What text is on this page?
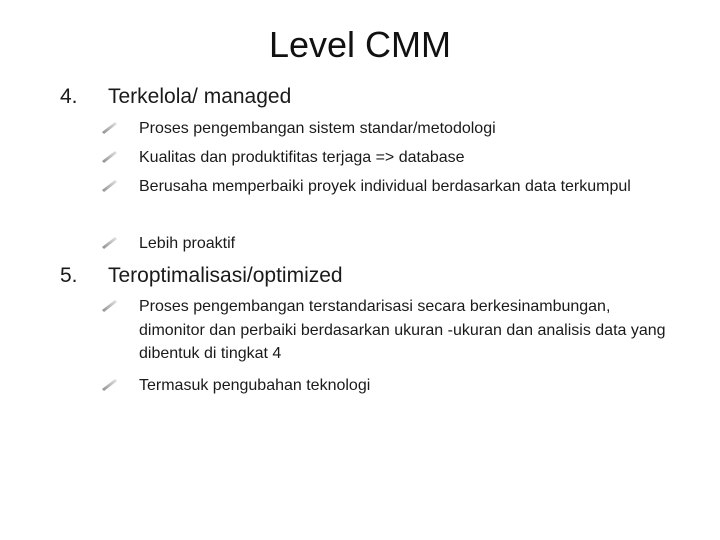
Level CMM
4. Terkelola/ managed
Proses pengembangan sistem standar/metodologi
Kualitas dan produktifitas terjaga => database
Berusaha memperbaiki proyek individual berdasarkan data terkumpul
Lebih proaktif
5. Teroptimalisasi/optimized
Proses pengembangan terstandarisasi secara berkesinambungan, dimonitor dan perbaiki berdasarkan ukuran -ukuran dan analisis data yang dibentuk di tingkat 4
Termasuk pengubahan teknologi
